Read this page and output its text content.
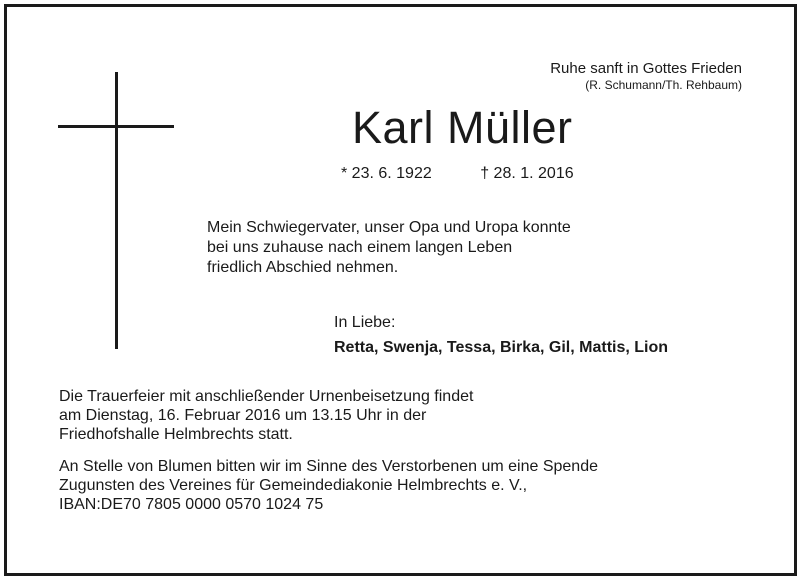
Ruhe sanft in Gottes Frieden
(R. Schumann/Th. Rehbaum)
Karl Müller
* 23. 6. 1922	† 28. 1. 2016
Mein Schwiegervater, unser Opa und Uropa konnte
bei uns zuhause nach einem langen Leben
friedlich Abschied nehmen.
In Liebe:
Retta, Swenja, Tessa, Birka, Gil, Mattis, Lion
Die Trauerfeier mit anschließender Urnenbeisetzung findet
am Dienstag, 16. Februar 2016 um 13.15 Uhr in der
Friedhofshalle Helmbrechts statt.
An Stelle von Blumen bitten wir im Sinne des Verstorbenen um eine Spende
Zugunsten des Vereines für Gemeindediakonie Helmbrechts e. V.,
IBAN:DE70 7805 0000 0570 1024 75
